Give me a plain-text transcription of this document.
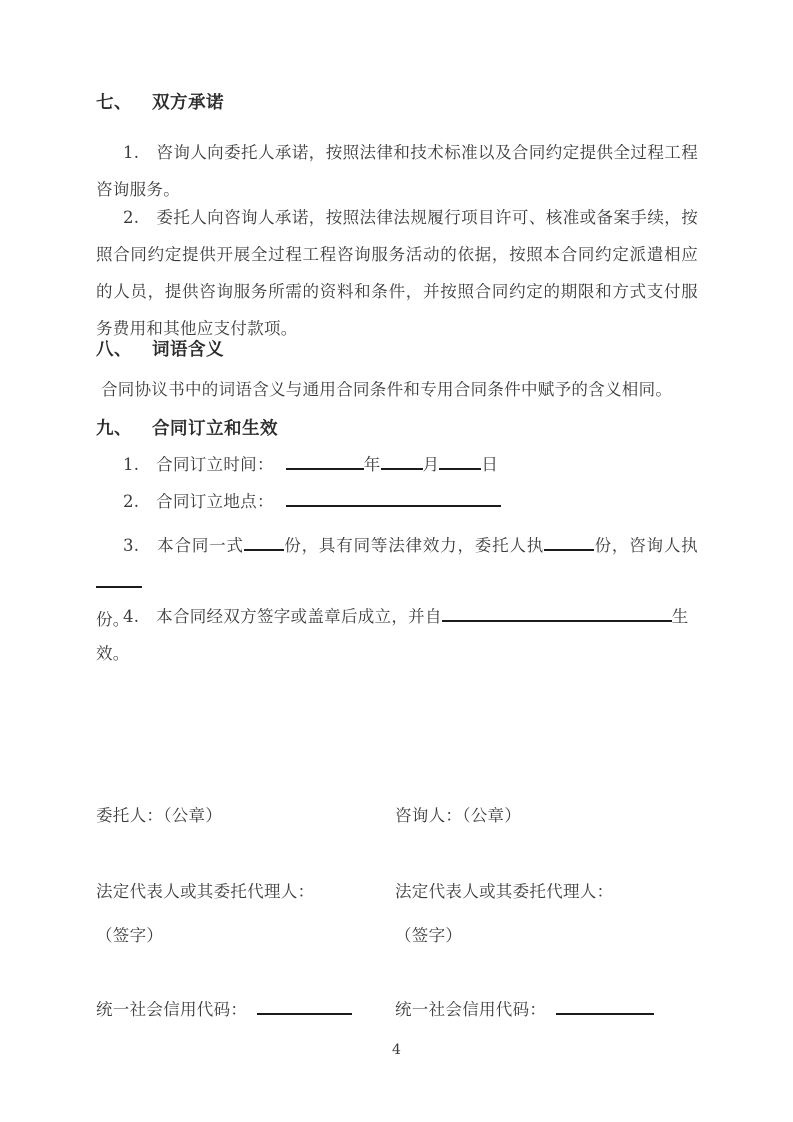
七、 双方承诺

1.　咨询人向委托人承诺，按照法律和技术标准以及合同约定提供全过程工程咨询服务。

2.　委托人向咨询人承诺，按照法律法规履行项目许可、核准或备案手续，按照合同约定提供开展全过程工程咨询服务活动的依据，按照本合同约定派遣相应的人员，提供咨询服务所需的资料和条件，并按照合同约定的期限和方式支付服务费用和其他应支付款项。

八、 词语含义

合同协议书中的词语含义与通用合同条件和专用合同条件中赋予的含义相同。

九、 合同订立和生效

1.　合同订立时间：	年	月	日

2.　合同订立地点：

3.　本合同一式 份，具有同等法律效力，委托人执	份，咨询人执
份。

4.　本合同经双方签字或盖章后成立，并自	生
效。

委托人：（公章）	咨询人：（公章）
法定代表人或其委托代理人：	法定代表人或其委托代理人：
（签字）	（签字）
统一社会信用代码：	统一社会信用代码：
4
